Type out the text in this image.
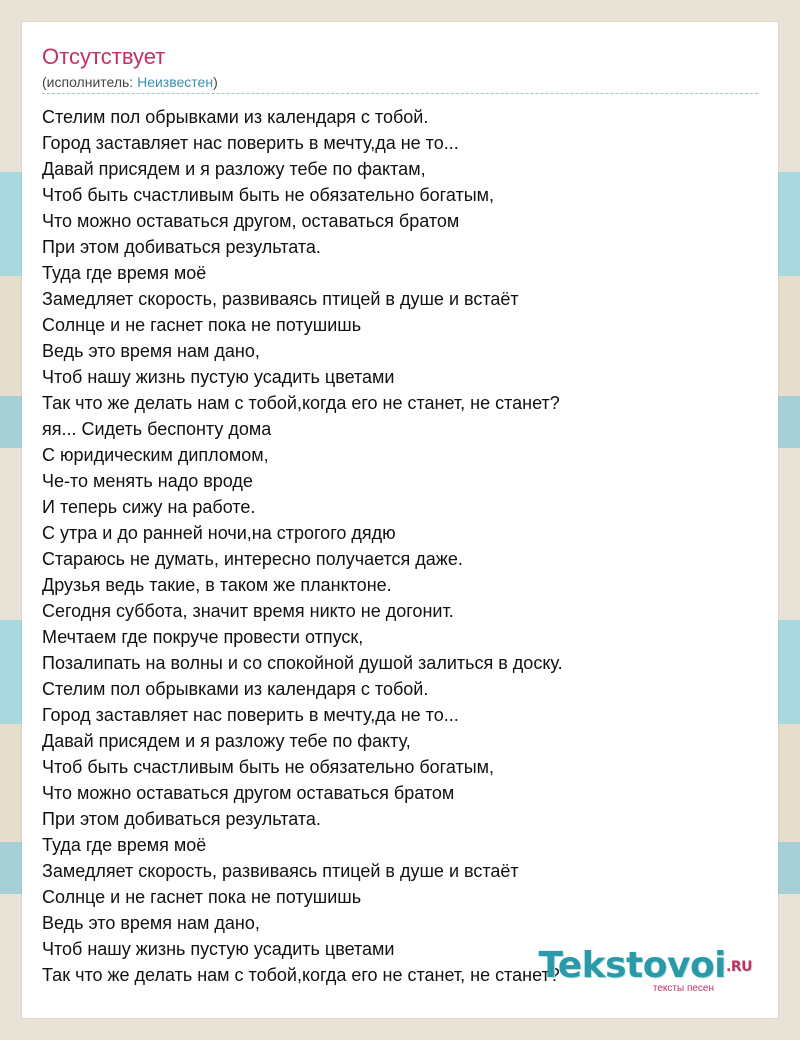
Отсутствует
(исполнитель: Неизвестен)
Стелим пол обрывками из календаря с тобой.
Город заставляет нас поверить в мечту,да не то...
Давай присядем и я разложу тебе по фактам,
Чтоб быть счастливым быть не обязательно богатым,
Что можно оставаться другом, оставаться братом
При этом добиваться результата.
Туда где время моё
Замедляет скорость, развиваясь птицей в душе и встаёт
Солнце и не гаснет пока не потушишь
Ведь это время нам дано,
Чтоб нашу жизнь пустую усадить цветами
Так что же делать нам с тобой,когда его не станет, не станет?
яя... Сидеть беспонту дома
С юридическим дипломом,
Че-то менять надо вроде
И теперь сижу на работе.
С утра и до ранней ночи,на строгого дядю
Стараюсь не думать, интересно получается даже.
Друзья ведь такие, в таком же планктоне.
Сегодня суббота, значит время никто не догонит.
Мечтаем где покруче провести отпуск,
Позалипать на волны и со спокойной душой залиться в доску.
Стелим пол обрывками из календаря с тобой.
Город заставляет нас поверить в мечту,да не то...
Давай присядем и я разложу тебе по факту,
Чтоб быть счастливым быть не обязательно богатым,
Что можно оставаться другом оставаться братом
При этом добиваться результата.
Туда где время моё
Замедляет скорость, развиваясь птицей в душе и встаёт
Солнце и не гаснет пока не потушишь
Ведь это время нам дано,
Чтоб нашу жизнь пустую усадить цветами
Так что же делать нам с тобой,когда его не станет, не станет?
Tekstovoi.RU
тексты песен
